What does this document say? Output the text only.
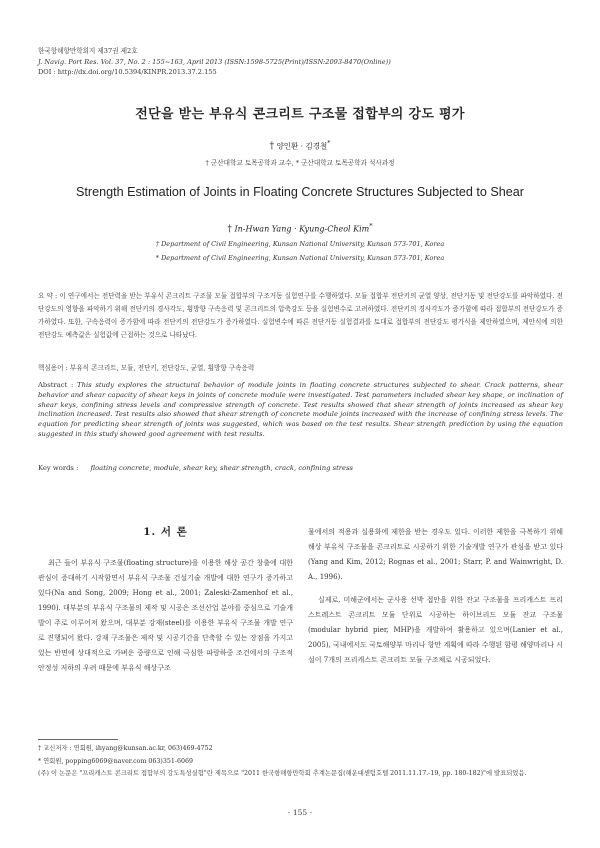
한국항해항만학회지 제37권 제2호
J. Navig. Port Res. Vol. 37, No. 2 : 155~163, April 2013 (ISSN:1598-5725(Print)/ISSN:2093-8470(Online))
DOI : http://dx.doi.org/10.5394/KINPR.2013.37.2.155
전단을 받는 부유식 콘크리트 구조물 접합부의 강도 평가
† 양인환 · 김경철*
† 군산대학교 토목공학과 교수, * 군산대학교 토목공학과 석사과정
Strength Estimation of Joints in Floating Concrete Structures Subjected to Shear
† In-Hwan Yang · Kyung-Cheol Kim*
† Department of Civil Engineering, Kunsan National University, Kunsan 573-701, Korea
* Department of Civil Engineering, Kunsan National University, Kunsan 573-701, Korea
요 약 : 이 연구에서는 전단력을 받는 부유식 콘크리트 구조물 모듈 접합부의 구조거동 실험연구를 수행하였다. 모듈 접합부 전단키의 균열 양상, 전단거동 및 전단강도를 파악하였다. 전단강도의 영향을 파악하기 위해 전단키의 경사각도, 횡방향 구속응력 및 콘크리트의 압축강도 등을 실험변수로 고려하였다. 전단키의 경사각도가 증가함에 따라 접합부의 전단강도가 증가하였다. 또한, 구속응력이 증가함에 따라 전단키의 전단강도가 증가하였다. 실험변수에 따른 전단거동 실험결과를 토대로 접합부의 전단강도 평가식을 제안하였으며, 제안식에 의한 전단강도 예측값은 실험값에 근접하는 것으로 나타났다.
핵심용어 : 부유식 콘크리트, 모듈, 전단키, 전단강도, 균열, 횡방향 구속응력
Abstract : This study explores the structural behavior of module joints in floating concrete structures subjected to shear. Crack patterns, shear behavior and shear capacity of shear keys in joints of concrete module were investigated. Test parameters included shear key shape, or inclination of shear keys, confining stress levels and compressive strength of concrete. Test results showed that shear strength of joints increased as shear key inclination increased. Test results also showed that shear strength of concrete module joints increased with the increase of confining stress levels. The equation for predicting shear strength of joints was suggested, which was based on the test results. Shear strength prediction by using the equation suggested in this study showed good agreement with test results.
Key words : floating concrete, module, shear key, shear strength, crack, confining stress
1. 서 론

최근 들어 부유식 구조물(floating structure)을 이용한 해상 공간 창출에 대한 관심이 증대하기 시작함면서 부유식 구조물 건설기술 개발에 대한 연구가 증가하고 있다(Na and Song, 2009; Hong et al., 2001; Zaleski-Zamenhof et al., 1990). 대부분의 부유식 구조물의 제작 및 시공은 조선산업 분야를 중심으로 기술개발이 주로 이루어져 왔으며, 대부분 강재(steel)를 이용한 부유식 구조물 개발 연구로 진행되어 왔다. 강재 구조물은 제작 및 시공기간을 단축할 수 있는 장점을 가지고 있는 반면에 상대적으로 가벼운 중량으로 인해 극심한 파랑하중 조건에서의 구조적 안정성 저하의 우려 때문에 부유식 해상구조

물에서의 적용과 실용화에 제한을 받는 경우도 있다. 이러한 제한을 극복하기 위해 해상 부유식 구조물을 콘크리트로 시공하기 위한 기술개발 연구가 관심을 받고 있다(Yang and Kim, 2012; Rognas et al., 2001; Starr, P. and Wainwright, D. A., 1996).

실제로, 미해군에서는 군사용 선박 접안을 위한 잔교 구조물을 프리캐스트 프리스트레스트 콘크리트 모듈 단위로 시공하는 하이브리드 모듈 잔교 구조물 (modular hybrid pier, MHP)을 개발하여 활용하고 있으며(Lanier et al., 2005), 국내에서도 국토해양부 마리나 항만 계획에 따라 수행된 함평 해양마리나 시설이 7개의 프리캐스트 콘크리트 모듈 구조체로 시공되었다.

† 교신저자 : 연회원, ihyang@kunsan.ac.kr, 063)469-4752
* 연회원, popping6069@naver.com 063)351-6069
(주) 이 논문은 "프리캐스트 콘크리트 접합부의 강도특성실험"란 제목으로 "2011 한국항해항만학회 추계논문집(해운대센텀호텔 2011.11.17.-19, pp. 180-182)"에 발표되었음.
- 155 -
